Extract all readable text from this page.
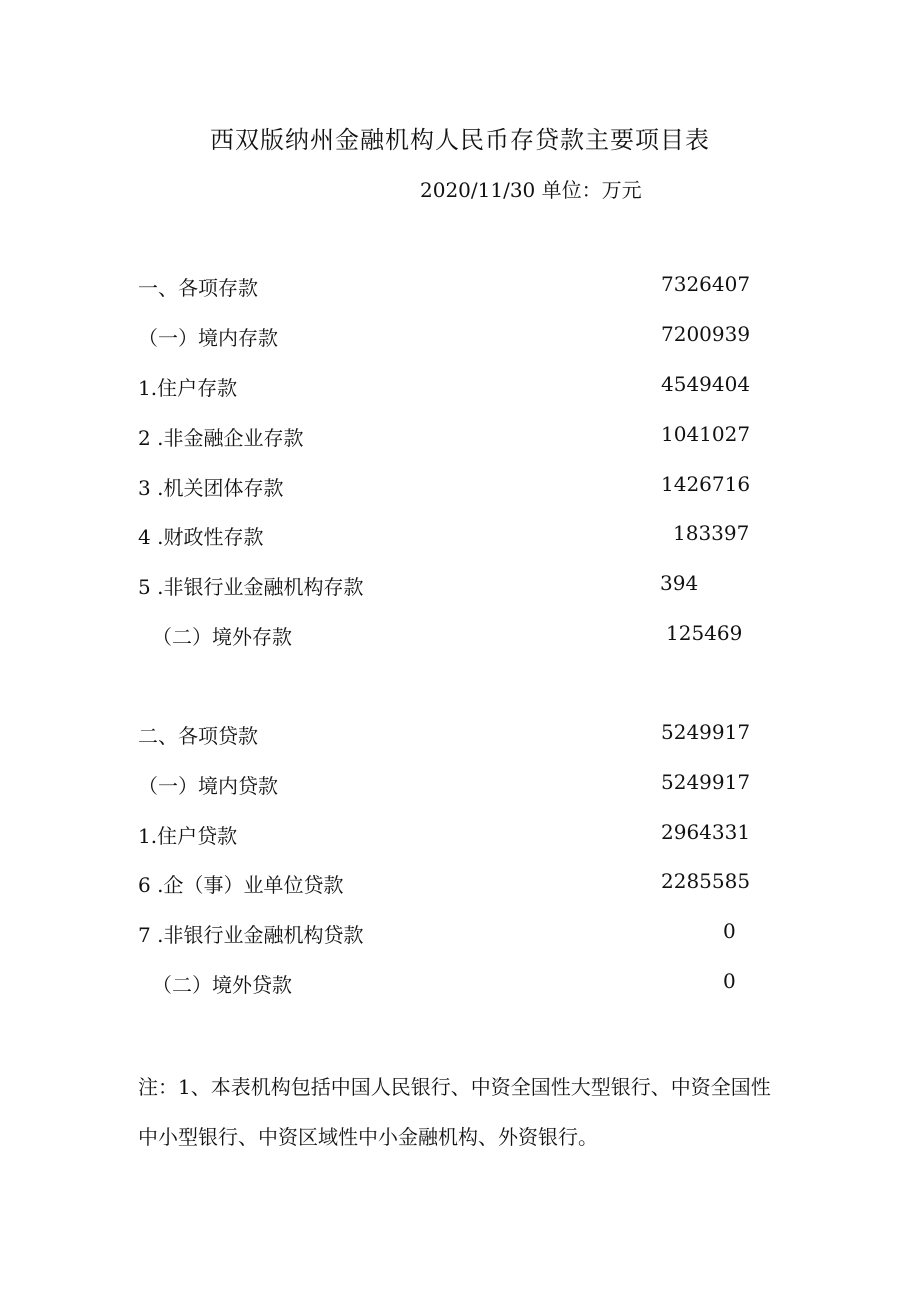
西双版纳州金融机构人民币存贷款主要项目表
2020/11/30 单位：万元
一、各项存款	7326407
（一）境内存款	7200939
1.住户存款	4549404
2 .非金融企业存款	1041027
3 .机关团体存款	1426716
4 .财政性存款	183397
5 .非银行业金融机构存款	394
（二）境外存款	125469
二、各项贷款	5249917
（一）境内贷款	5249917
1.住户贷款	2964331
6 .企（事）业单位贷款	2285585
7 .非银行业金融机构贷款	0
（二）境外贷款	0
注：1、本表机构包括中国人民银行、中资全国性大型银行、中资全国性中小型银行、中资区域性中小金融机构、外资银行。
